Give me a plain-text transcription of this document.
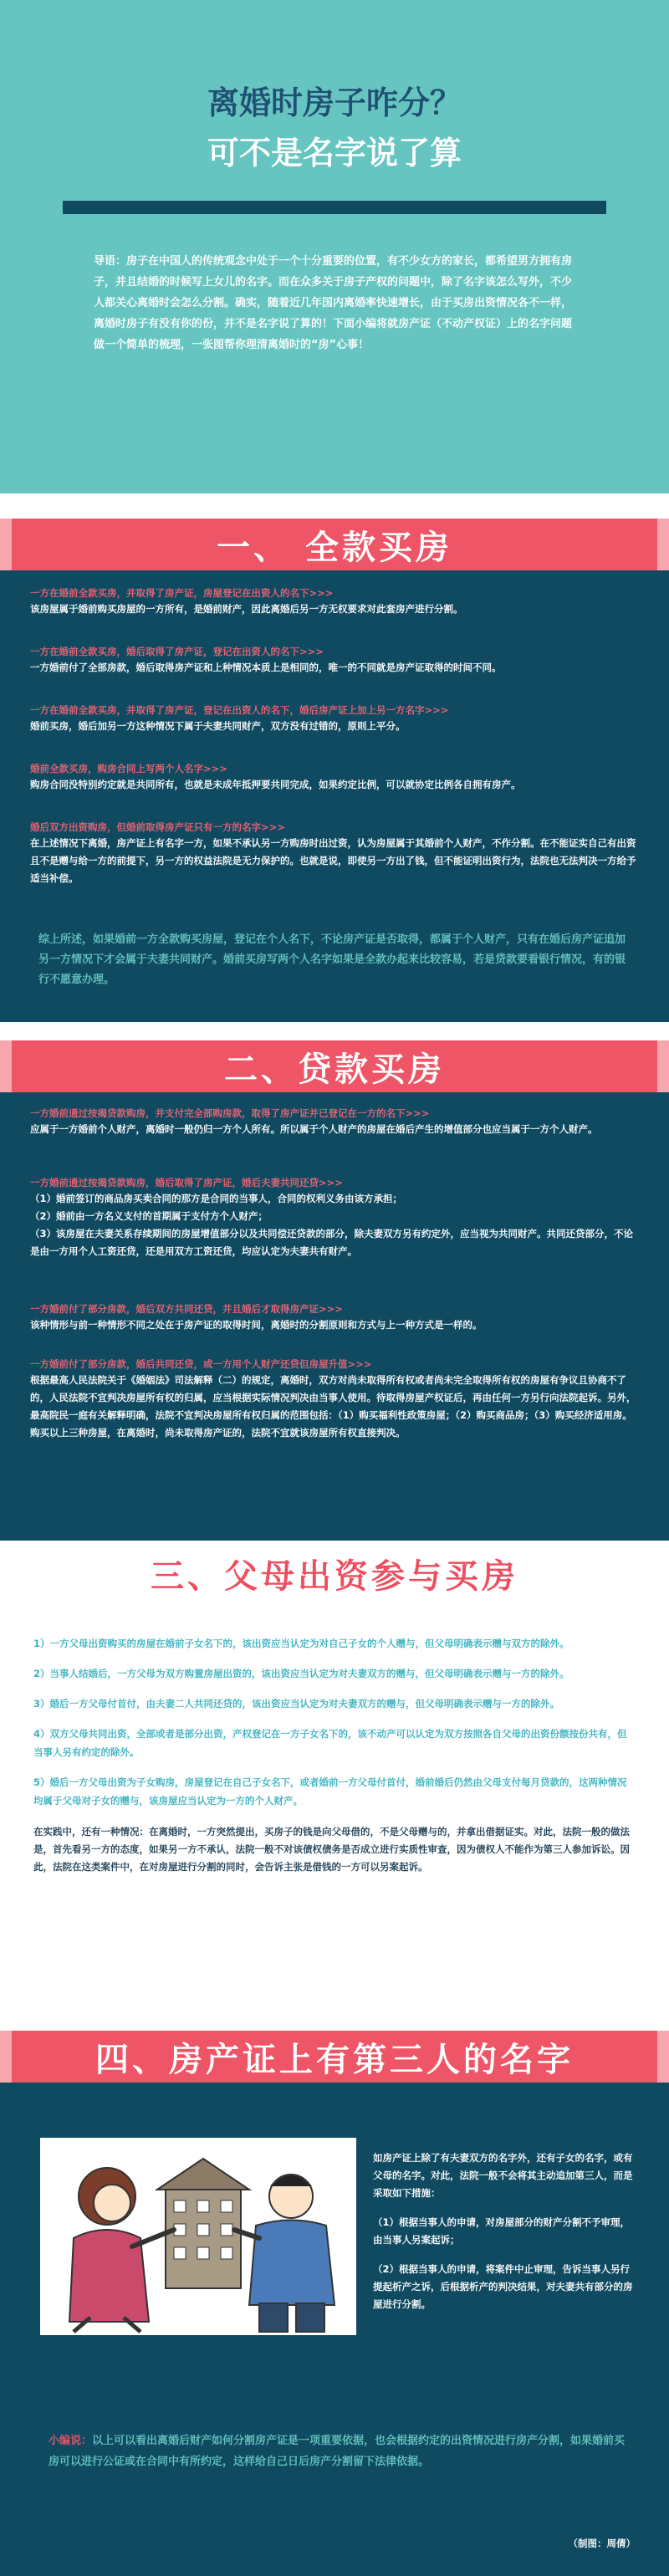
离婚时房子咋分？
可不是名字说了算
导语：房子在中国人的传统观念中处于一个十分重要的位置，有不少女方的家长，都希望男方拥有房子，并且结婚的时候写上女儿的名字。而在众多关于房子产权的问题中，除了名字该怎么写外，不少人都关心离婚时会怎么分割。确实，随着近几年国内离婚率快速增长，由于买房出资情况各不一样，离婚时房子有没有你的份，并不是名字说了算的！下面小编将就房产证（不动产权证）上的名字问题做一个简单的梳理，一张图帮你理清离婚时的“房”心事！
一、 全款买房

一方在婚前全款买房，并取得了房产证，房屋登记在出资人的名下>>>

该房屋属于婚前购买房屋的一方所有，是婚前财产，因此离婚后另一方无权要求对此套房产进行分割。

一方在婚前全款买房，婚后取得了房产证，登记在出资人的名下>>>

一方婚前付了全部房款，婚后取得房产证和上种情况本质上是相同的，唯一的不同就是房产证取得的时间不同。

一方在婚前全款买房，并取得了房产证，登记在出资人的名下，婚后房产证上加上另一方名字>>>

婚前买房，婚后加另一方这种情况下属于夫妻共同财产，双方没有过错的，原则上平分。

婚前全款买房，购房合同上写两个人名字>>>

购房合同没特别约定就是共同所有，也就是未成年抵押要共同完成，如果约定比例，可以就协定比例各自拥有房产。

婚后双方出资购房，但婚前取得房产证只有一方的名字>>>

在上述情况下离婚，房产证上有名字一方，如果不承认另一方购房时出过资，认为房屋属于其婚前个人财产，不作分割。在不能证实自己有出资且不是赠与给一方的前提下，另一方的权益法院是无力保护的。也就是说，即使另一方出了钱，但不能证明出资行为，法院也无法判决一方给予适当补偿。

综上所述，如果婚前一方全款购买房屋，登记在个人名下，不论房产证是否取得，都属于个人财产，只有在婚后房产证追加另一方情况下才会属于夫妻共同财产。婚前买房写两个人名字如果是全款办起来比较容易，若是贷款要看银行情况，有的银行不愿意办理。
二、贷款买房

一方婚前通过按揭贷款购房，并支付完全部购房款，取得了房产证并已登记在一方的名下>>>

应属于一方婚前个人财产，离婚时一般仍归一方个人所有。所以属于个人财产的房屋在婚后产生的增值部分也应当属于一方个人财产。

一方婚前通过按揭贷款购房，婚后取得了房产证，婚后夫妻共同还贷>>>

（1）婚前签订的商品房买卖合同的那方是合同的当事人，合同的权利义务由该方承担；
（2）婚前由一方名义支付的首期属于支付方个人财产；
（3）该房屋在夫妻关系存续期间的房屋增值部分以及共同偿还贷款的部分，除夫妻双方另有约定外，应当视为共同财产。共同还贷部分，不论是由一方用个人工资还贷，还是用双方工资还贷，均应认定为夫妻共有财产。

一方婚前付了部分房款，婚后双方共同还贷，并且婚后才取得房产证>>>

该种情形与前一种情形不同之处在于房产证的取得时间，离婚时的分割原则和方式与上一种方式是一样的。

一方婚前付了部分房款，婚后共同还贷，或一方用个人财产还贷但房屋升值>>>

根据最高人民法院关于《婚姻法》司法解释（二）的规定，离婚时，双方对尚未取得所有权或者尚未完全取得所有权的房屋有争议且协商不了的，人民法院不宜判决房屋所有权的归属，应当根据实际情况判决由当事人使用。待取得房屋产权证后，再由任何一方另行向法院起诉。另外，最高院民一庭有关解释明确，法院不宜判决房屋所有权归属的范围包括：（1）购买福利性政策房屋；（2）购买商品房；（3）购买经济适用房。购买以上三种房屋，在离婚时，尚未取得房产证的，法院不宜就该房屋所有权直接判决。

三、父母出资参与买房

1）一方父母出资购买的房屋在婚前子女名下的，该出资应当认定为对自己子女的个人赠与，但父母明确表示赠与双方的除外。

2）当事人结婚后，一方父母为双方购置房屋出资的，该出资应当认定为对夫妻双方的赠与，但父母明确表示赠与一方的除外。

3）婚后一方父母付首付，由夫妻二人共同还贷的，该出资应当认定为对夫妻双方的赠与，但父母明确表示赠与一方的除外。

4）双方父母共同出资，全部或者是部分出资，产权登记在一方子女名下的，该不动产可以认定为双方按照各自父母的出资份额按份共有，但当事人另有约定的除外。

5）婚后一方父母出资为子女购房，房屋登记在自己子女名下，或者婚前一方父母付首付，婚前婚后仍然由父母支付每月贷款的，这两种情况均属于父母对子女的赠与，该房屋应当认定为一方的个人财产。

在实践中，还有一种情况：在离婚时，一方突然提出，买房子的钱是向父母借的，不是父母赠与的，并拿出借据证实。对此，法院一般的做法是，首先看另一方的态度，如果另一方不承认，法院一般不对该债权债务是否成立进行实质性审查，因为债权人不能作为第三人参加诉讼。因此，法院在这类案件中，在对房屋进行分割的同时，会告诉主张是借钱的一方可以另案起诉。

四、房产证上有第三人的名字

如房产证上除了有夫妻双方的名字外，还有子女的名字，或有父母的名字。对此，法院一般不会将其主动追加第三人，而是采取如下措施：

（1）根据当事人的申请，对房屋部分的财产分割不予审理，由当事人另案起诉；

（2）根据当事人的申请，将案件中止审理，告诉当事人另行提起析产之诉，后根据析产的判决结果，对夫妻共有部分的房屋进行分割。

小编说：以上可以看出离婚后财产如何分割房产证是一项重要依据，也会根据约定的出资情况进行房产分割，如果婚前买房可以进行公证或在合同中有所约定，这样给自己日后房产分割留下法律依据。
（制图：周倩）
